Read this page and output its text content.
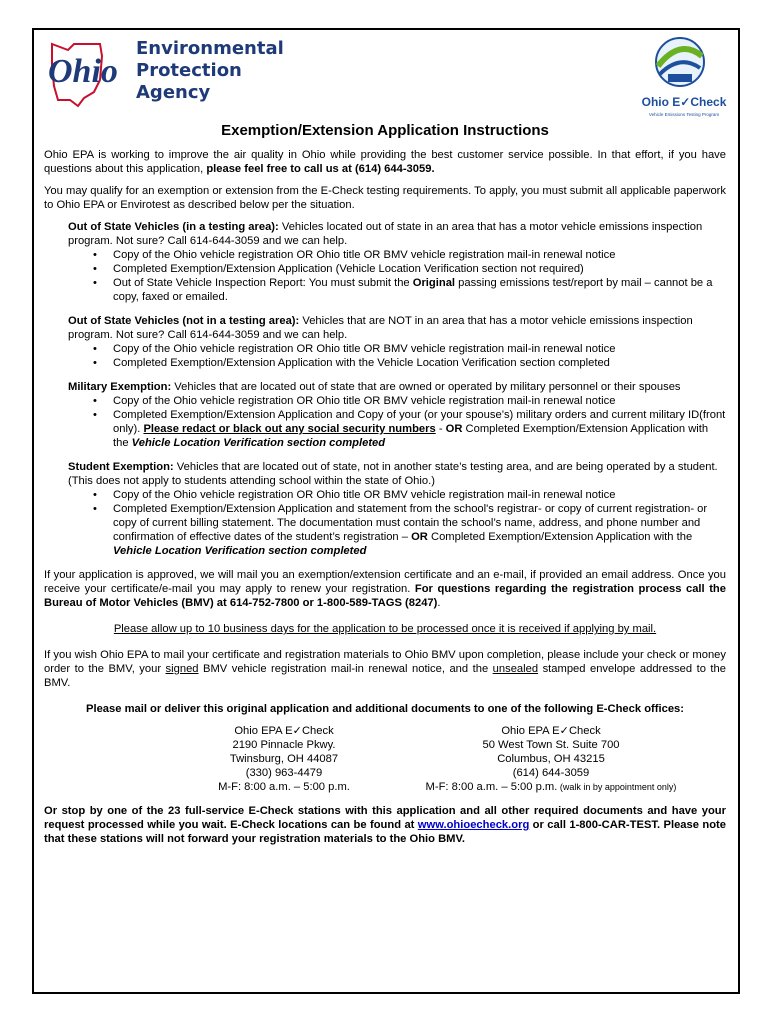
Ohio
Environmental
Protection
Agency	Ohio E✓Check
Vehicle Emissions Testing Program
Exemption/Extension Application Instructions

Ohio EPA is working to improve the air quality in Ohio while providing the best customer service possible. In that effort, if you have questions about this application, please feel free to call us at (614) 644-3059.

You may qualify for an exemption or extension from the E-Check testing requirements. To apply, you must submit all applicable paperwork to Ohio EPA or Envirotest as described below per the situation.

Out of State Vehicles (in a testing area): Vehicles located out of state in an area that has a motor vehicle emissions inspection program. Not sure? Call 614-644-3059 and we can help.

• Copy of the Ohio vehicle registration OR Ohio title OR BMV vehicle registration mail-in renewal notice
• Completed Exemption/Extension Application (Vehicle Location Verification section not required)
• Out of State Vehicle Inspection Report: You must submit the Original passing emissions test/report by mail – cannot be a copy, faxed or emailed.

Out of State Vehicles (not in a testing area): Vehicles that are NOT in an area that has a motor vehicle emissions inspection program. Not sure? Call 614-644-3059 and we can help.

• Copy of the Ohio vehicle registration OR Ohio title OR BMV vehicle registration mail-in renewal notice
• Completed Exemption/Extension Application with the Vehicle Location Verification section completed

Military Exemption: Vehicles that are located out of state that are owned or operated by military personnel or their spouses

• Copy of the Ohio vehicle registration OR Ohio title OR BMV vehicle registration mail-in renewal notice
• Completed Exemption/Extension Application and Copy of your (or your spouse’s) military orders and current military ID(front only). Please redact or black out any social security numbers - OR Completed Exemption/Extension Application with the Vehicle Location Verification section completed

Student Exemption: Vehicles that are located out of state, not in another state’s testing area, and are being operated by a student. (This does not apply to students attending school within the state of Ohio.)

• Copy of the Ohio vehicle registration OR Ohio title OR BMV vehicle registration mail-in renewal notice
• Completed Exemption/Extension Application and statement from the school's registrar- or copy of current registration- or copy of current billing statement. The documentation must contain the school’s name, address, and phone number and confirmation of effective dates of the student’s registration – OR Completed Exemption/Extension Application with the Vehicle Location Verification section completed

If your application is approved, we will mail you an exemption/extension certificate and an e-mail, if provided an email address. Once you receive your certificate/e-mail you may apply to renew your registration. For questions regarding the registration process call the Bureau of Motor Vehicles (BMV) at 614-752-7800 or 1-800-589-TAGS (8247).

Please allow up to 10 business days for the application to be processed once it is received if applying by mail.

If you wish Ohio EPA to mail your certificate and registration materials to Ohio BMV upon completion, please include your check or money order to the BMV, your signed BMV vehicle registration mail-in renewal notice, and the unsealed stamped envelope addressed to the BMV.

Please mail or deliver this original application and additional documents to one of the following E-Check offices:

Ohio EPA E✓Check
2190 Pinnacle Pkwy.
Twinsburg, OH 44087
(330) 963-4479
M-F: 8:00 a.m. – 5:00 p.m.
Ohio EPA E✓Check
50 West Town St. Suite 700
Columbus, OH 43215
(614) 644-3059
M-F: 8:00 a.m. – 5:00 p.m. (walk in by appointment only)

Or stop by one of the 23 full-service E-Check stations with this application and all other required documents and have your request processed while you wait. E-Check locations can be found at www.ohioecheck.org or call 1-800-CAR-TEST. Please note that these stations will not forward your registration materials to the Ohio BMV.
